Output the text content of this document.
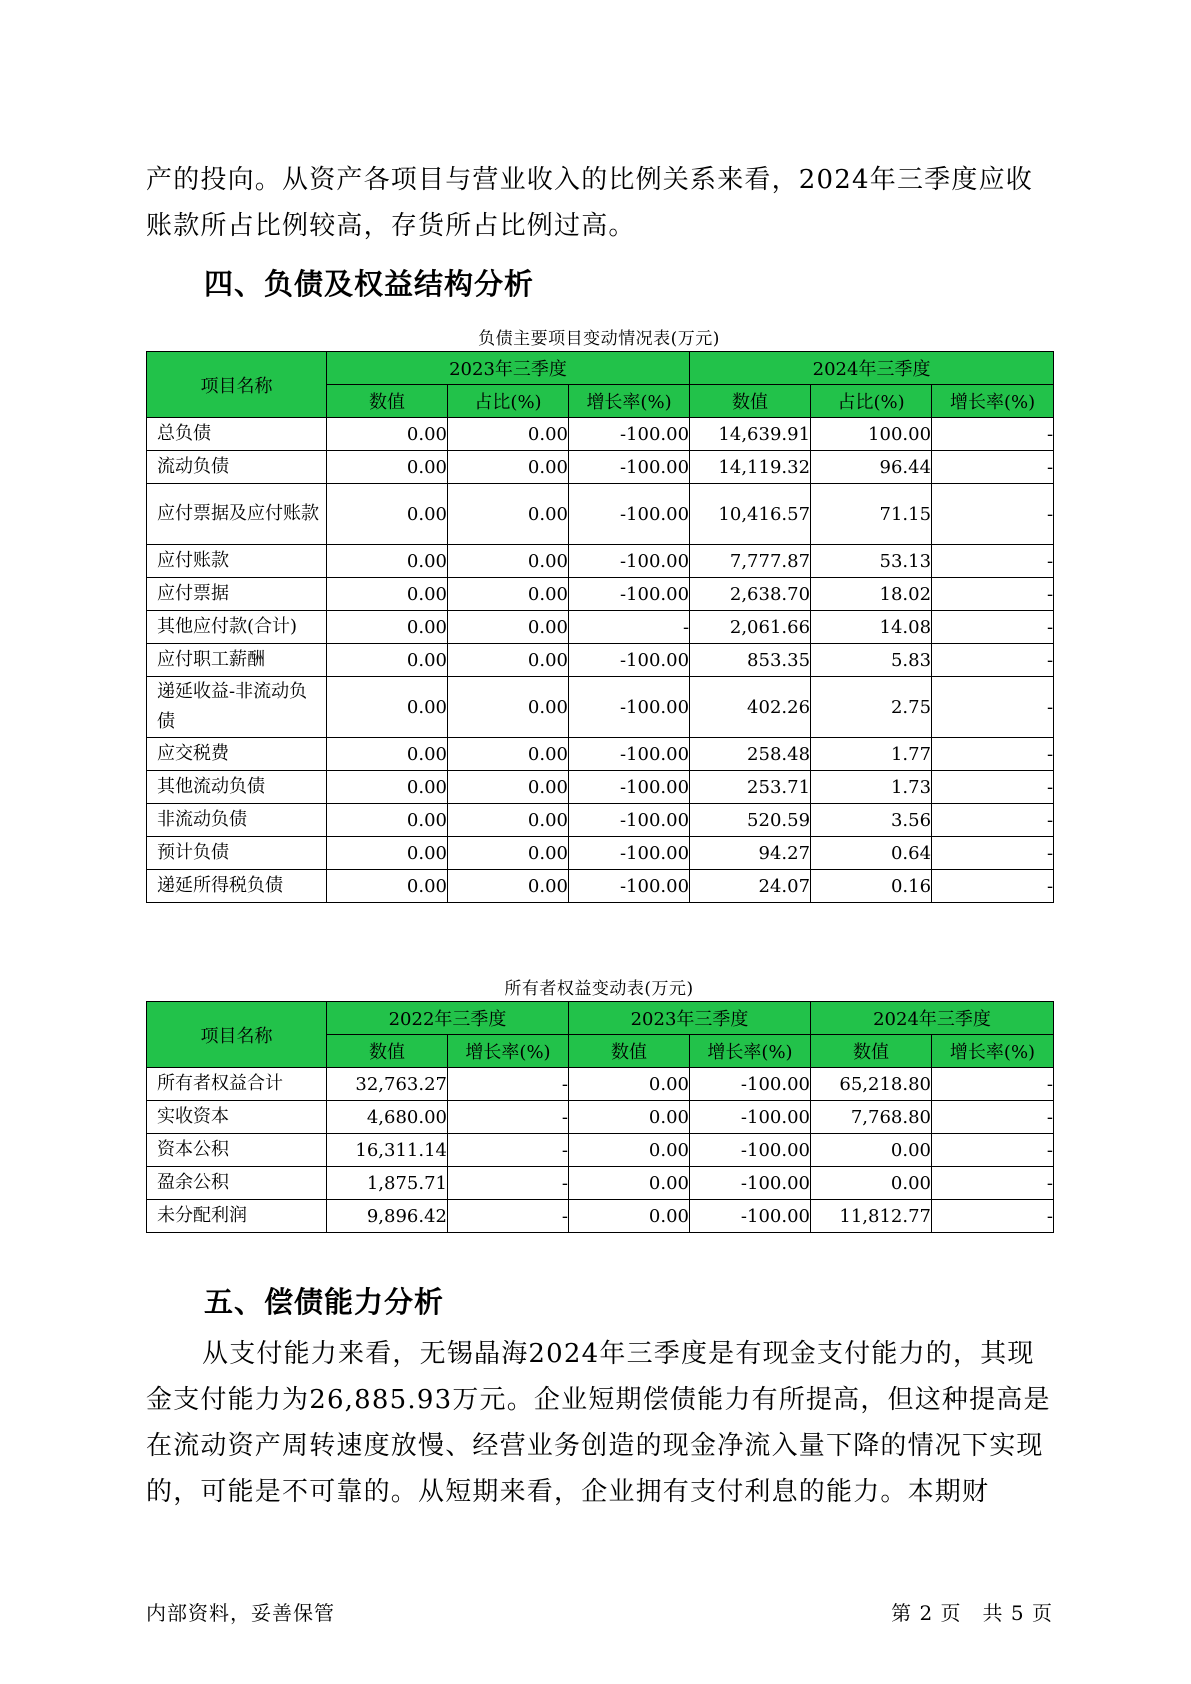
产的投向。从资产各项目与营业收入的比例关系来看，2024年三季度应收
账款所占比例较高，存货所占比例过高。

四、负债及权益结构分析
负债主要项目变动情况表(万元)
项目名称	2023年三季度			2024年三季度		
	数值	占比(%)	增长率(%)	数值	占比(%)	增长率(%)
总负债	0.00	0.00	-100.00	14,639.91	100.00	-
流动负债	0.00	0.00	-100.00	14,119.32	96.44	-
应付票据及应付账款	0.00	0.00	-100.00	10,416.57	71.15	-
应付账款	0.00	0.00	-100.00	7,777.87	53.13	-
应付票据	0.00	0.00	-100.00	2,638.70	18.02	-
其他应付款(合计)	0.00	0.00	-	2,061.66	14.08	-
应付职工薪酬	0.00	0.00	-100.00	853.35	5.83	-
递延收益-非流动负债	0.00	0.00	-100.00	402.26	2.75	-
应交税费	0.00	0.00	-100.00	258.48	1.77	-
其他流动负债	0.00	0.00	-100.00	253.71	1.73	-
非流动负债	0.00	0.00	-100.00	520.59	3.56	-
预计负债	0.00	0.00	-100.00	94.27	0.64	-
递延所得税负债	0.00	0.00	-100.00	24.07	0.16	-
所有者权益变动表(万元)
项目名称	2022年三季度		2023年三季度		2024年三季度	
	数值	增长率(%)	数值	增长率(%)	数值	增长率(%)
所有者权益合计	32,763.27	-	0.00	-100.00	65,218.80	-
实收资本	4,680.00	-	0.00	-100.00	7,768.80	-
资本公积	16,311.14	-	0.00	-100.00	0.00	-
盈余公积	1,875.71	-	0.00	-100.00	0.00	-
未分配利润	9,896.42	-	0.00	-100.00	11,812.77	-
五、偿债能力分析

从支付能力来看，无锡晶海2024年三季度是有现金支付能力的，其现金支付能力为26,885.93万元。企业短期偿债能力有所提高，但这种提高是在流动资产周转速度放慢、经营业务创造的现金净流入量下降的情况下实现的，可能是不可靠的。从短期来看，企业拥有支付利息的能力。本期财

内部资料，妥善保管	第 2 页　共 5 页
